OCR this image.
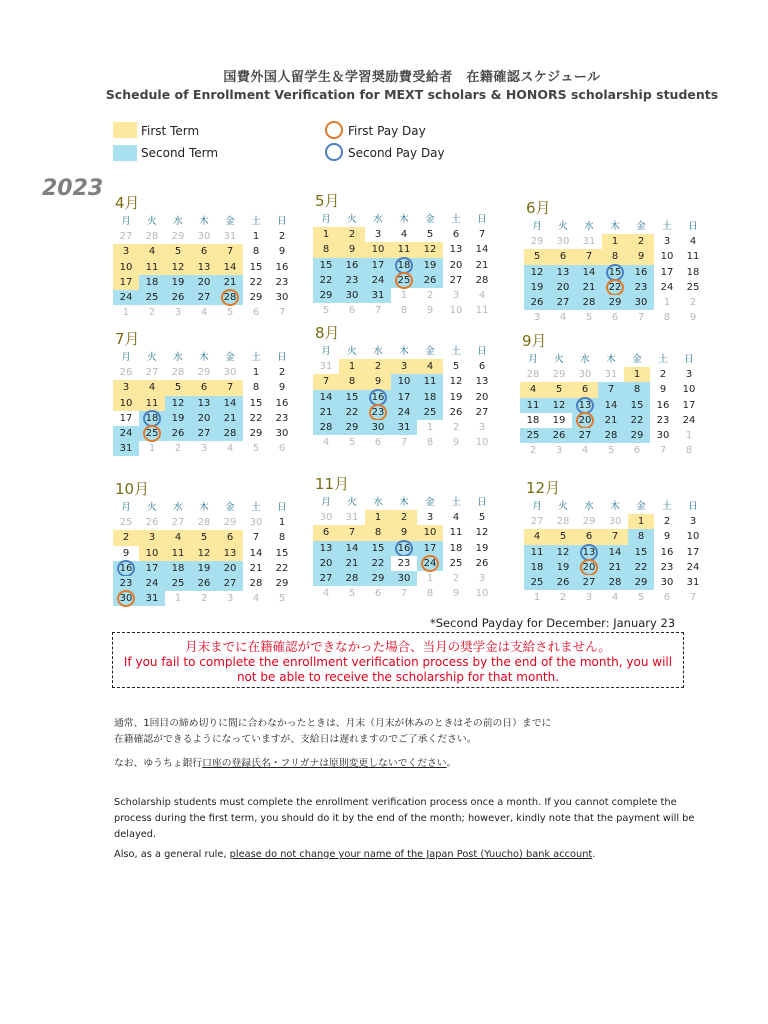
国費外国人留学生＆学習奨励費受給者　在籍確認スケジュール
Schedule of Enrollment Verification for MEXT scholars & HONORS scholarship students
First Term
Second Term
First Pay Day
Second Pay Day
2023
4月
月	火	水	木	金	土	日
27	28	29	30	31	1	2
3	4	5	6	7	8	9
10	11	12	13	14	15	16
17	18	19	20	21	22	23
24	25	26	27	28	29	30
1	2	3	4	5	6	7
5月
月	火	水	木	金	土	日
1	2	3	4	5	6	7
8	9	10	11	12	13	14
15	16	17	18	19	20	21
22	23	24	25	26	27	28
29	30	31	1	2	3	4
5	6	7	8	9	10	11
6月
月	火	水	木	金	土	日
29	30	31	1	2	3	4
5	6	7	8	9	10	11
12	13	14	15	16	17	18
19	20	21	22	23	24	25
26	27	28	29	30	1	2
3	4	5	6	7	8	9
7月
月	火	水	木	金	土	日
26	27	28	29	30	1	2
3	4	5	6	7	8	9
10	11	12	13	14	15	16
17	18	19	20	21	22	23
24	25	26	27	28	29	30
31	1	2	3	4	5	6
8月
月	火	水	木	金	土	日
31	1	2	3	4	5	6
7	8	9	10	11	12	13
14	15	16	17	18	19	20
21	22	23	24	25	26	27
28	29	30	31	1	2	3
4	5	6	7	8	9	10
9月
月	火	水	木	金	土	日
28	29	30	31	1	2	3
4	5	6	7	8	9	10
11	12	13	14	15	16	17
18	19	20	21	22	23	24
25	26	27	28	29	30	1
2	3	4	5	6	7	8
10月
月	火	水	木	金	土	日
25	26	27	28	29	30	1
2	3	4	5	6	7	8
9	10	11	12	13	14	15
16	17	18	19	20	21	22
23	24	25	26	27	28	29
30	31	1	2	3	4	5
11月
月	火	水	木	金	土	日
30	31	1	2	3	4	5
6	7	8	9	10	11	12
13	14	15	16	17	18	19
20	21	22	23	24	25	26
27	28	29	30	1	2	3
4	5	6	7	8	9	10
12月
月	火	水	木	金	土	日
27	28	29	30	1	2	3
4	5	6	7	8	9	10
11	12	13	14	15	16	17
18	19	20	21	22	23	24
25	26	27	28	29	30	31
1	2	3	4	5	6	7
*Second Payday for December: January 23
月末までに在籍確認ができなかった場合、当月の奨学金は支給されません。
If you fail to complete the enrollment verification process by the end of the month, you will not be able to receive the scholarship for that month.
通常、1回目の締め切りに間に合わなかったときは、月末（月末が休みのときはその前の日）までに
在籍確認ができるようになっていますが、支給日は遅れますのでご了承ください。
なお、ゆうちょ銀行口座の登録氏名・フリガナは原則変更しないでください。
Scholarship students must complete the enrollment verification process once a month. If you cannot complete the process during the first term, you should do it by the end of the month; however, kindly note that the payment will be delayed.
Also, as a general rule, please do not change your name of the Japan Post (Yuucho) bank account.
